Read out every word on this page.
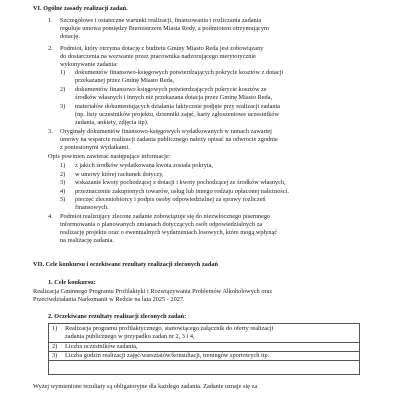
VI. Ogólne zasady realizacji zadań.
1. Szczegółowe i ostateczne warunki realizacji, finansowania i rozliczania zadania
reguluje umowa pomiędzy Burmistrzem Miasta Redy, a podmiotem otrzymującym
dotację.
2. Podmiot, który otrzyma dotację z budżetu Gminy Miasto Reda jest zobowiązany
do dostarczenia na wezwanie przez pracownika nadzorującego merytorycznie
wykonywanie zadania:
1) dokumentów finansowo-księgowych potwierdzających pokrycie kosztów z dotacji
przekazanej przez Gminę Miasto Reda,
2) dokumentów finansowo księgowych potwierdzających pokrycie kosztów ze
środków własnych i innych niż przekazana dotacja przez Gminę Miasto Reda,
3) materiałów dokumentujących działania faktycznie podjęte przy realizacji zadania
(np. listy uczestników projektu, dzienniki zajęć, karty zgłoszeniowe uczestników
zadania, ankiety, zdjęcia itp).
3. Oryginały dokumentów finansowo-księgowych wydatkowanych w ramach zawartej
umowy na wsparcie realizacji zadania publicznego należy opisać na odwrocie zgodnie
z poniesionymi wydatkami.
Opis powinien zawierać następujące informacje:
1) z jakich środków wydatkowana kwota została pokryta,
2) w umowy której rachunek dotyczy,
3) wskazanie kwoty pochodzącej z dotacji i kwoty pochodzącej ze środków własnych,
4) przeznaczenie zakupionych towarów, usług lub innego rodzaju opłaconej należności.
5) pieczęć zleceniobiorcy i podpis osoby odpowiedzialnej za sprawy rozliczeń
finansowych.
4. Podmiot realizujący zlecone zadanie zobowiązuje się do niezwłocznego pisemnego
informowania o planowanych zmianach dotyczących osób odpowiedzialnych za
realizację projektu oraz o ewentualnych wydarzeniach losowych, które mogą wpłynąć
na realizację zadania.
VII. Cele konkursu i oczekiwane rezultaty realizacji zleconych zadań
1. Cele konkursu:
Realizacja Gminnego Programu Profilaktyki i Rozwiązywania Problemów Alkoholowych oraz
Przeciwdziałania Narkomanii w Redzie na lata 2025 - 2027.
2. Oczekiwane rezultaty realizacji zleconych zadań:
1) Realizacja programu profilaktycznego, stanowiącego załącznik do oferty realizacji
zadania publicznego w przypadku zadań nr 2, 3 i 4,
2) Liczba uczestników zadania,
3) Liczba godzin realizacji zajęć/warsztatów/konsultacji, treningów sportowych itp.
Wyżej wymienione rezultaty są obligatoryjne dla każdego zadania. Zadanie uznaje się za
